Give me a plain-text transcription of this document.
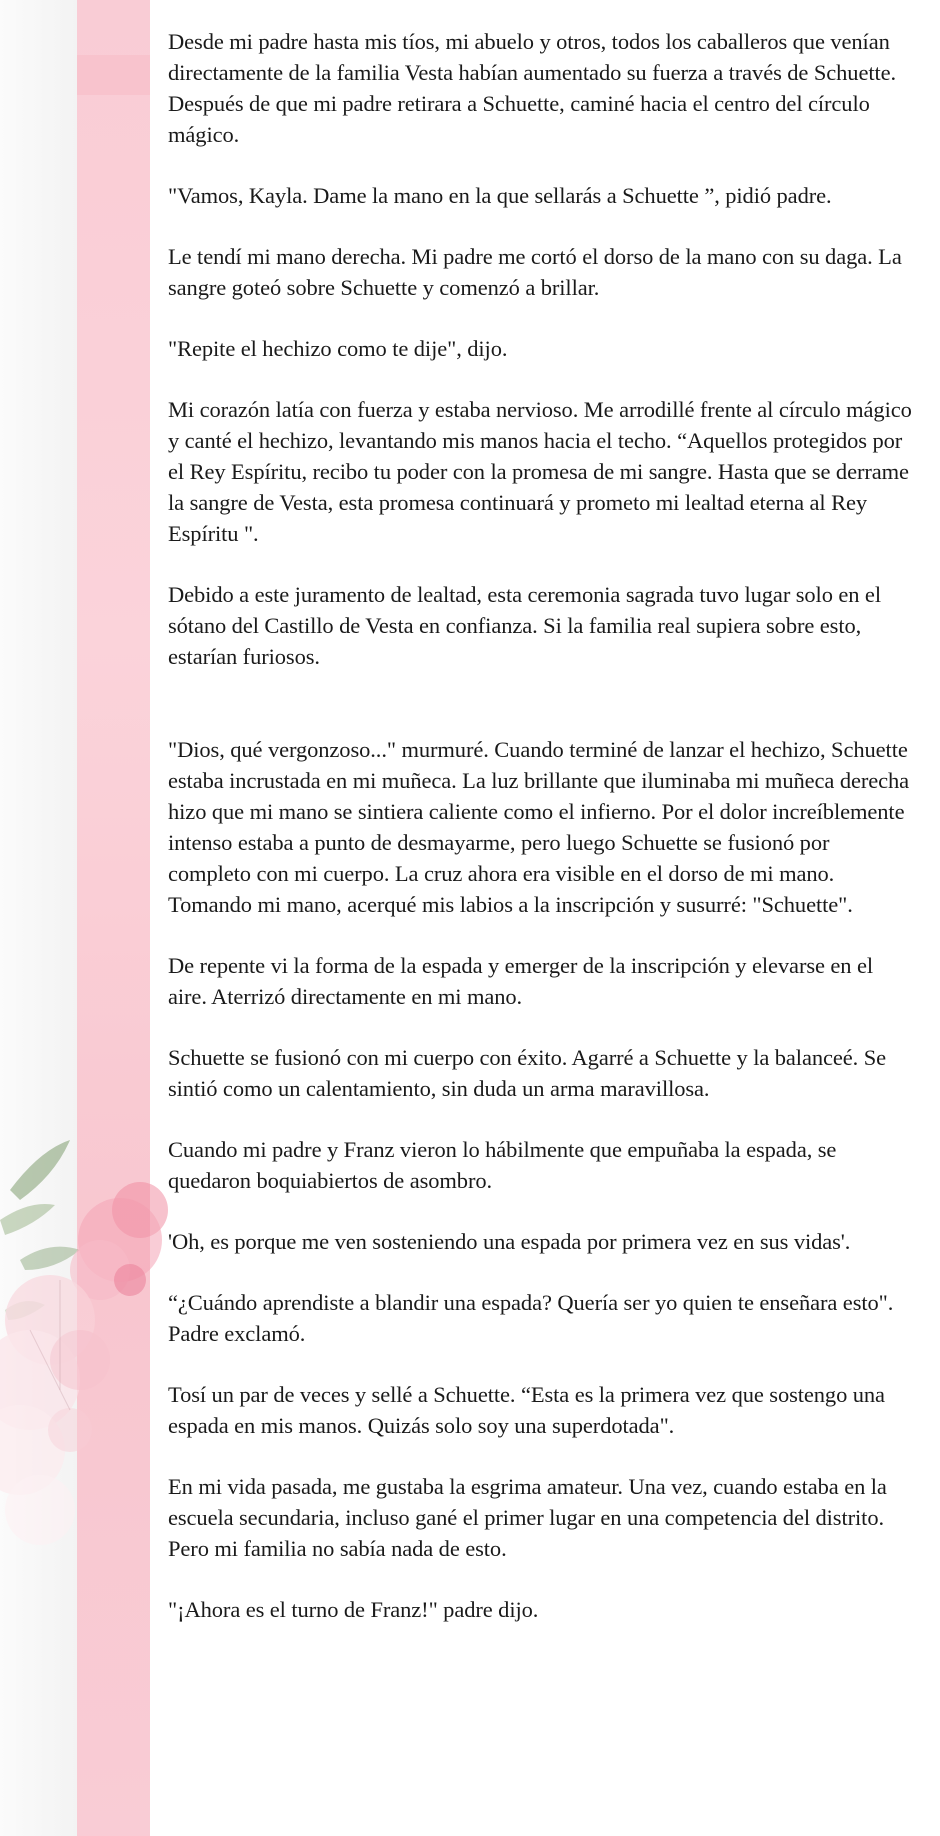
Desde mi padre hasta mis tíos, mi abuelo y otros, todos los caballeros que venían directamente de la familia Vesta habían aumentado su fuerza a través de Schuette. Después de que mi padre retirara a Schuette, caminé hacia el centro del círculo mágico.

"Vamos, Kayla. Dame la mano en la que sellarás a Schuette ”, pidió padre.

Le tendí mi mano derecha. Mi padre me cortó el dorso de la mano con su daga. La sangre goteó sobre Schuette y comenzó a brillar.

"Repite el hechizo como te dije", dijo.

Mi corazón latía con fuerza y estaba nervioso. Me arrodillé frente al círculo mágico y canté el hechizo, levantando mis manos hacia el techo. “Aquellos protegidos por el Rey Espíritu, recibo tu poder con la promesa de mi sangre. Hasta que se derrame la sangre de Vesta, esta promesa continuará y prometo mi lealtad eterna al Rey Espíritu ".

Debido a este juramento de lealtad, esta ceremonia sagrada tuvo lugar solo en el sótano del Castillo de Vesta en confianza. Si la familia real supiera sobre esto, estarían furiosos.

"Dios, qué vergonzoso..." murmuré. Cuando terminé de lanzar el hechizo, Schuette estaba incrustada en mi muñeca. La luz brillante que iluminaba mi muñeca derecha hizo que mi mano se sintiera caliente como el infierno. Por el dolor increíblemente intenso estaba a punto de desmayarme, pero luego Schuette se fusionó por completo con mi cuerpo. La cruz ahora era visible en el dorso de mi mano. Tomando mi mano, acerqué mis labios a la inscripción y susurré: "Schuette".

De repente vi la forma de la espada y emerger de la inscripción y elevarse en el aire. Aterrizó directamente en mi mano.

Schuette se fusionó con mi cuerpo con éxito. Agarré a Schuette y la balanceé. Se sintió como un calentamiento, sin duda un arma maravillosa.

Cuando mi padre y Franz vieron lo hábilmente que empuñaba la espada, se quedaron boquiabiertos de asombro.

'Oh, es porque me ven sosteniendo una espada por primera vez en sus vidas'.

“¿Cuándo aprendiste a blandir una espada? Quería ser yo quien te enseñara esto". Padre exclamó.

Tosí un par de veces y sellé a Schuette. “Esta es la primera vez que sostengo una espada en mis manos. Quizás solo soy una superdotada".

En mi vida pasada, me gustaba la esgrima amateur. Una vez, cuando estaba en la escuela secundaria, incluso gané el primer lugar en una competencia del distrito. Pero mi familia no sabía nada de esto.

"¡Ahora es el turno de Franz!" padre dijo.
